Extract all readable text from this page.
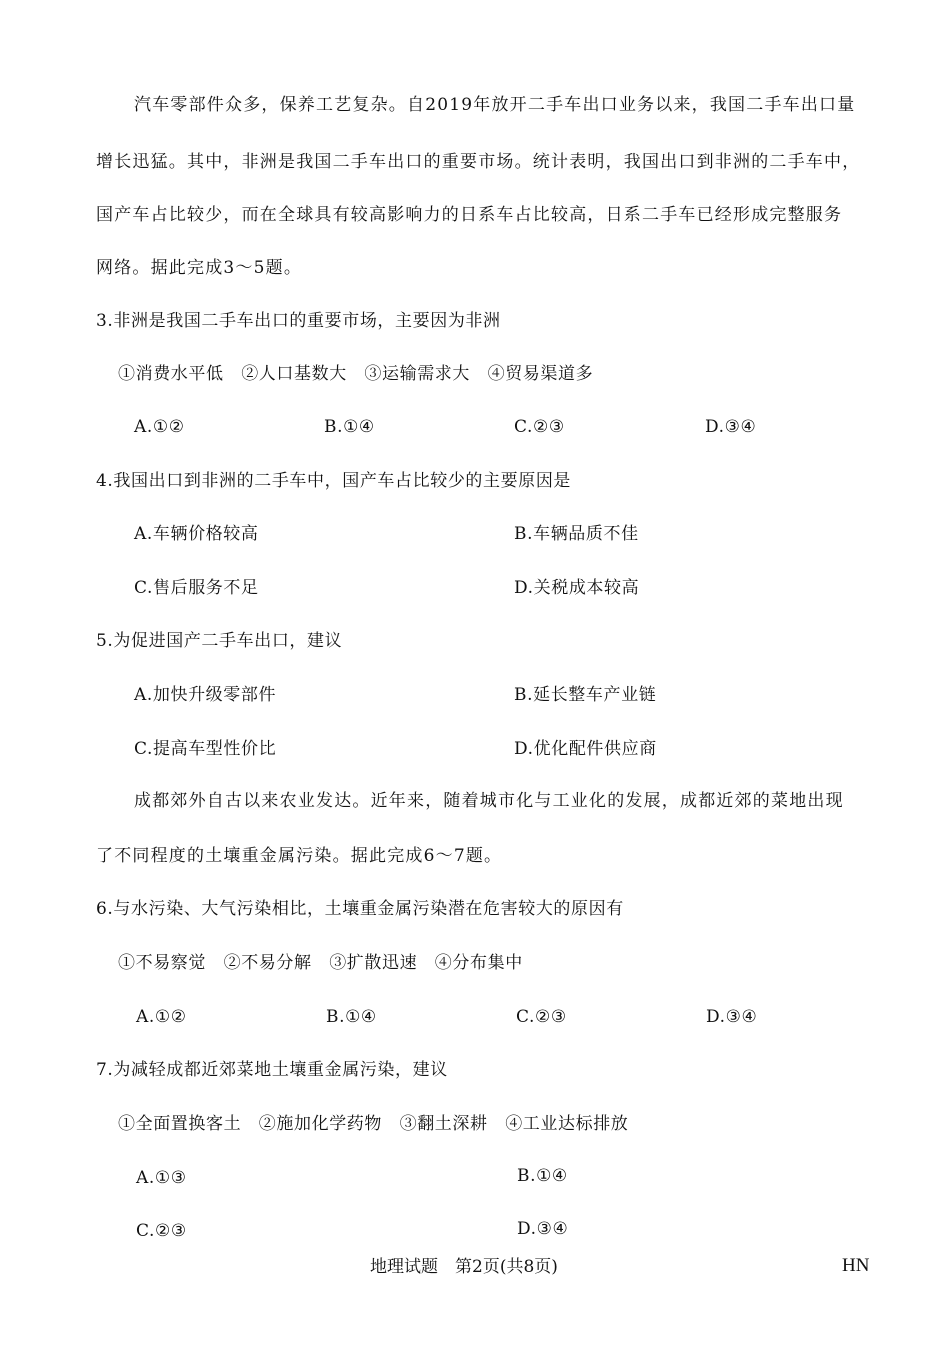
汽车零部件众多，保养工艺复杂。自2019年放开二手车出口业务以来，我国二手车出口量
增长迅猛。其中，非洲是我国二手车出口的重要市场。统计表明，我国出口到非洲的二手车中，
国产车占比较少，而在全球具有较高影响力的日系车占比较高，日系二手车已经形成完整服务
网络。据此完成3～5题。
3.非洲是我国二手车出口的重要市场，主要因为非洲
①消费水平低　②人口基数大　③运输需求大　④贸易渠道多
A.①②	B.①④	C.②③	D.③④
4.我国出口到非洲的二手车中，国产车占比较少的主要原因是
A.车辆价格较高	B.车辆品质不佳
C.售后服务不足	D.关税成本较高
5.为促进国产二手车出口，建议
A.加快升级零部件	B.延长整车产业链
C.提高车型性价比	D.优化配件供应商
成都郊外自古以来农业发达。近年来，随着城市化与工业化的发展，成都近郊的菜地出现
了不同程度的土壤重金属污染。据此完成6～7题。
6.与水污染、大气污染相比，土壤重金属污染潜在危害较大的原因有
①不易察觉　②不易分解　③扩散迅速　④分布集中
A.①②	B.①④	C.②③	D.③④
7.为减轻成都近郊菜地土壤重金属污染，建议
①全面置换客土　②施加化学药物　③翻土深耕　④工业达标排放
A.①③	B.①④
C.②③	D.③④
地理试题　第2页(共8页)	HN
